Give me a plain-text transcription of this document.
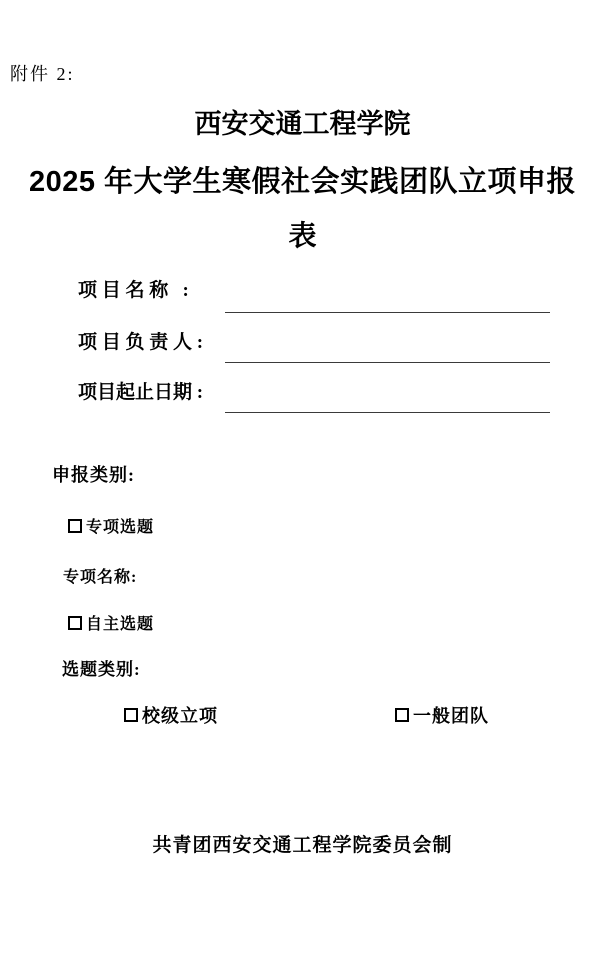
附件 2:
西安交通工程学院
2025 年大学生寒假社会实践团队立项申报
表
项 目 名 称   :
项 目 负 责 人 :
项目起止日期 :
申报类别:
专项选题
专项名称:
自主选题
选题类别:
校级立项	一般团队
共青团西安交通工程学院委员会制
